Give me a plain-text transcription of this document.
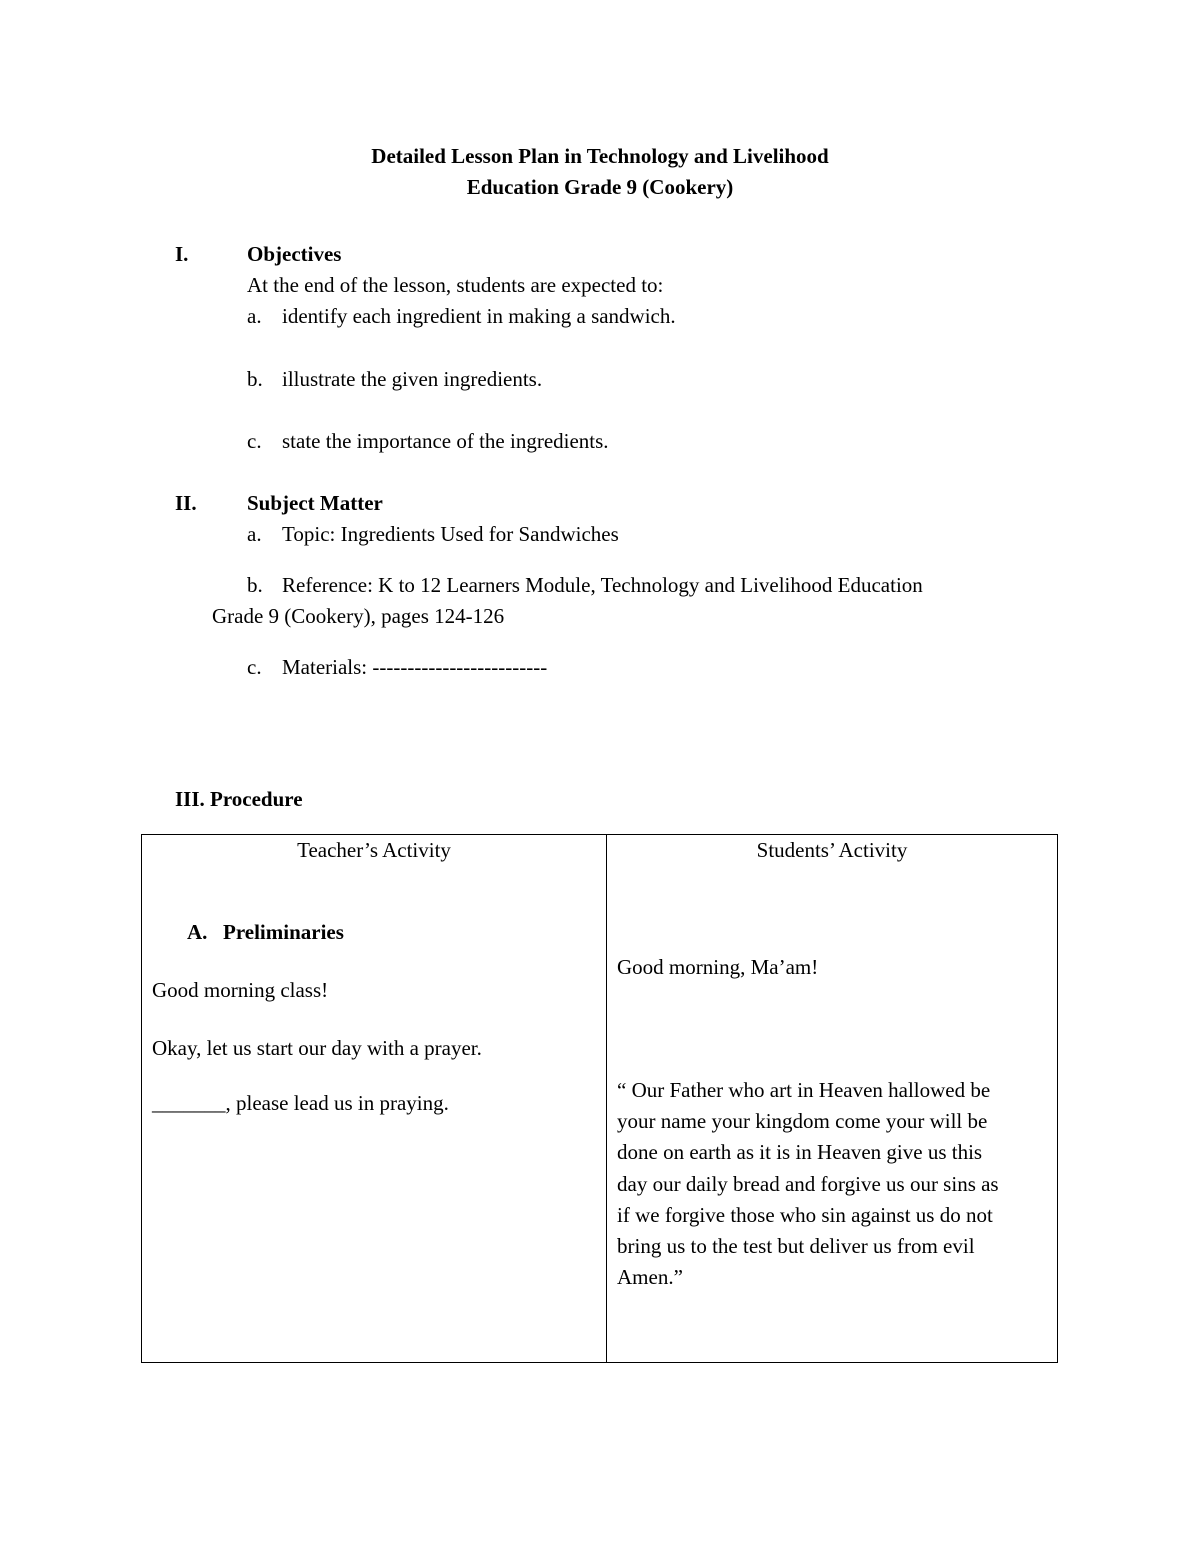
Detailed Lesson Plan in Technology and Livelihood
Education Grade 9 (Cookery)
I.	Objectives
At the end of the lesson, students are expected to:
a. identify each ingredient in making a sandwich.
b. illustrate the given ingredients.
c. state the importance of the ingredients.
II. Subject Matter
a. Topic: Ingredients Used for Sandwiches
b. Reference: K to 12 Learners Module, Technology and Livelihood Education
Grade 9 (Cookery), pages 124-126
c. Materials: -------------------------
III. Procedure
Teacher’s Activity
A. Preliminaries
Good morning class!
Okay, let us start our day with a prayer.
_______, please lead us in praying.
Students’ Activity
Good morning, Ma’am!
“ Our Father who art in Heaven hallowed be
your name your kingdom come your will be
done on earth as it is in Heaven give us this
day our daily bread and forgive us our sins as
if we forgive those who sin against us do not
bring us to the test but deliver us from evil
Amen.”
